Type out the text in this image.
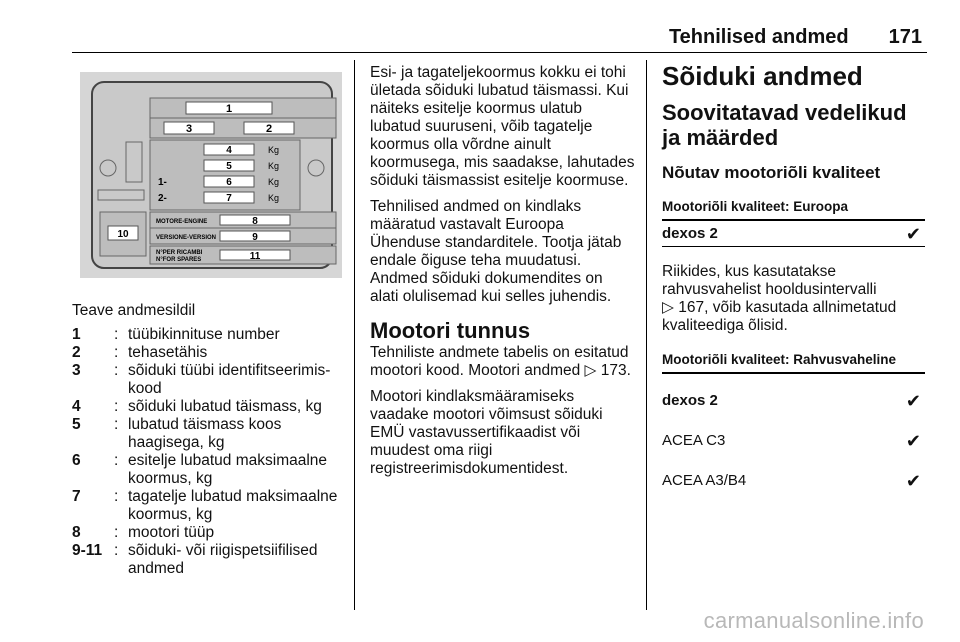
Tehnilised andmed 171
1
3	2
4	Kg
5	Kg
1-	6	Kg
2-	7	Kg
MOTORE-ENGINE	8
VERSIONE-VERSION	9
N°PER RICAMBI
N°FOR SPARES	11
10
Teave andmesildil
1	: tüübikinnituse number
2	: tehasetähis
3	: sõiduki tüübi identifitseerimis-kood
4	: sõiduki lubatud täismass, kg
5	: lubatud täismass koos haagisega, kg
6	: esitelje lubatud maksimaalne koormus, kg
7	: tagatelje lubatud maksimaalne koormus, kg
8	: mootori tüüp
9-11 : sõiduki- või riigispetsiifilised andmed

Esi- ja tagateljekoormus kokku ei tohi ületada sõiduki lubatud täismassi. Kui näiteks esitelje koormus ulatub lubatud suuruseni, võib tagatelje koormus olla võrdne ainult koormusega, mis saadakse, lahutades sõiduki täismassist esitelje koormuse.

Tehnilised andmed on kindlaks määratud vastavalt Euroopa Ühenduse standarditele. Tootja jätab endale õiguse teha muudatusi. Andmed sõiduki dokumendites on alati olulisemad kui selles juhendis.

Mootori tunnus

Tehniliste andmete tabelis on esitatud mootori kood. Mootori andmed ▷ 173.

Mootori kindlaksmääramiseks vaadake mootori võimsust sõiduki EMÜ vastavussertifikaadist või muudest oma riigi registreerimisdokumentidest.

Sõiduki andmed
Soovitatavad vedelikud ja määrded
Nõutav mootoriõli kvaliteet
Mootoriõli kvaliteet: Euroopa
dexos 2	✔

Riikides, kus kasutatakse rahvusvahelist hooldusintervalli
▷ 167, võib kasutada allnimetatud kvaliteediga õlisid.

Mootoriõli kvaliteet: Rahvusvaheline
dexos 2	✔
ACEA C3	✔
ACEA A3/B4	✔
carmanualsonline.info
